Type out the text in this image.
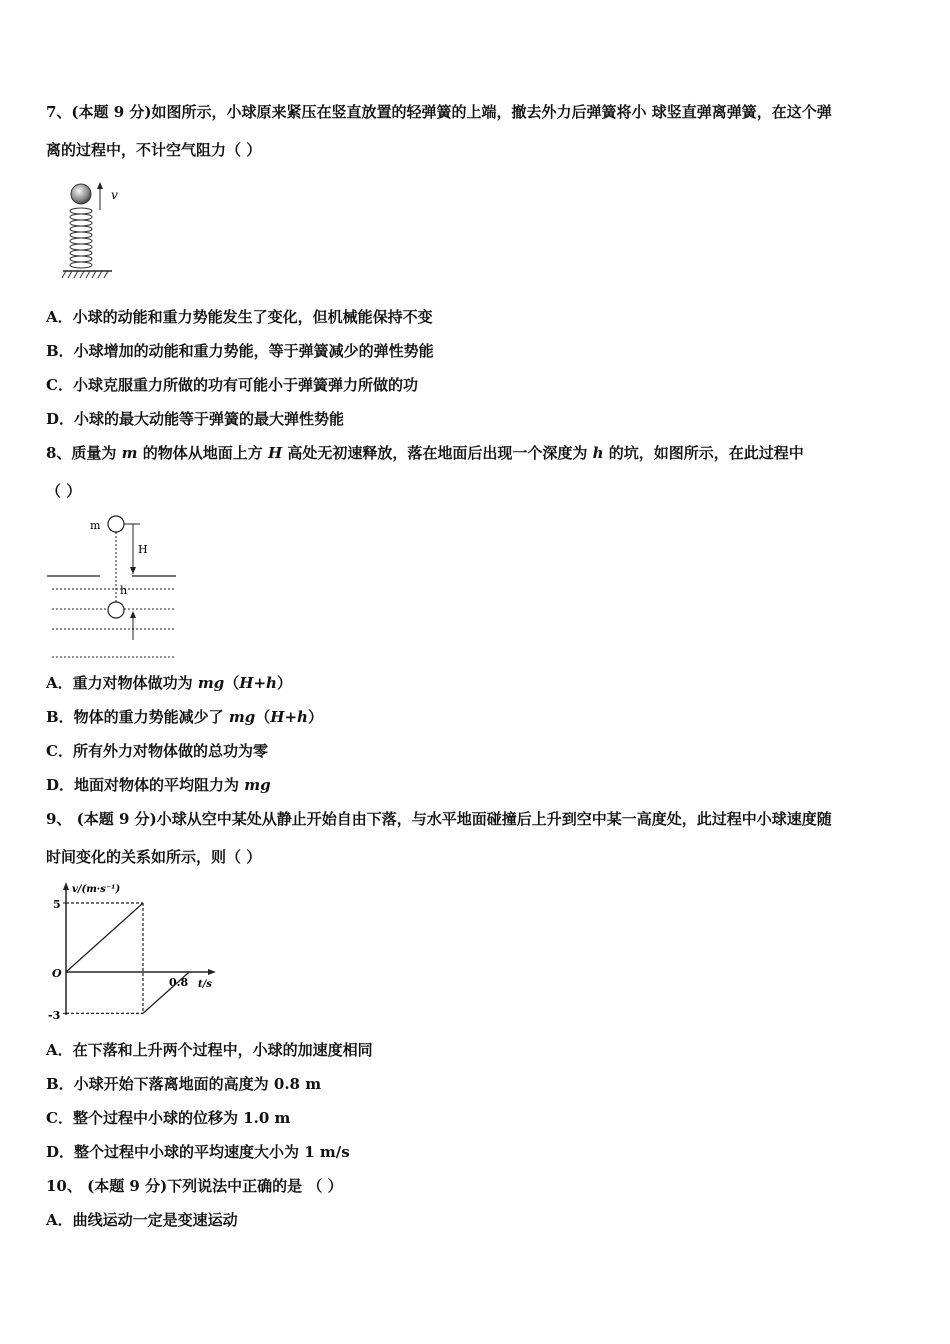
7、(本题 9 分)如图所示，小球原来紧压在竖直放置的轻弹簧的上端，撤去外力后弹簧将小 球竖直弹离弹簧，在这个弹
离的过程中，不计空气阻力（ ）
v
A．小球的动能和重力势能发生了变化，但机械能保持不变
B．小球增加的动能和重力势能，等于弹簧减少的弹性势能
C．小球克服重力所做的功有可能小于弹簧弹力所做的功
D．小球的最大动能等于弹簧的最大弹性势能
8、质量为 m 的物体从地面上方 H 高处无初速释放，落在地面后出现一个深度为 h 的坑，如图所示，在此过程中
（ ）
m
H
h
A．重力对物体做功为 mg（H+h）
B．物体的重力势能减少了 mg（H+h）
C．所有外力对物体做的总功为零
D．地面对物体的平均阻力为 mg
9、 (本题 9 分)小球从空中某处从静止开始自由下落，与水平地面碰撞后上升到空中某一高度处，此过程中小球速度随
时间变化的关系如所示，则（ ）
v/(m·s⁻¹)
t/s
5
O
-3
0.8
A．在下落和上升两个过程中，小球的加速度相同
B．小球开始下落离地面的高度为 0.8 m
C．整个过程中小球的位移为 1.0 m
D．整个过程中小球的平均速度大小为 1 m/s
10、 (本题 9 分)下列说法中正确的是 （ ）
A．曲线运动一定是变速运动
